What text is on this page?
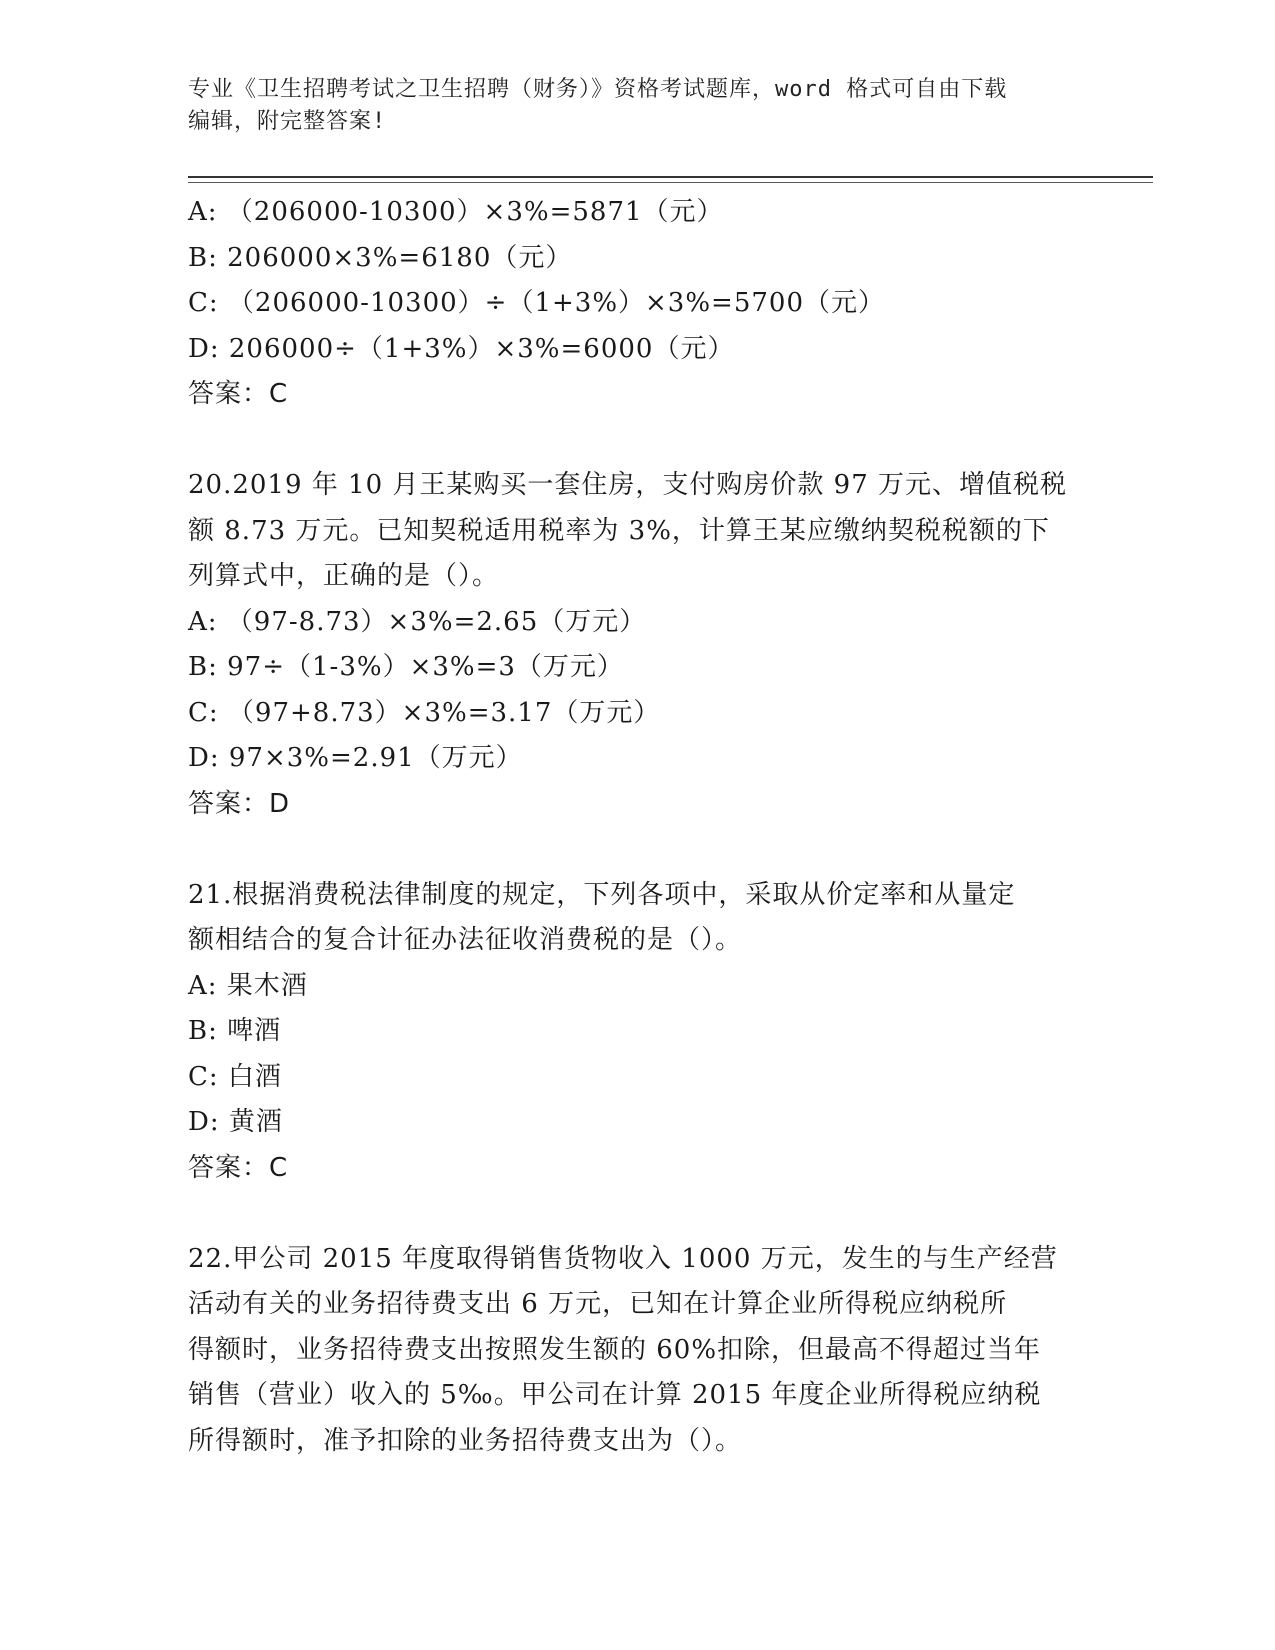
专业《卫生招聘考试之卫生招聘（财务）》资格考试题库，word 格式可自由下载
编辑，附完整答案!
A: （206000-10300）×3%=5871（元）
B: 206000×3%=6180（元）
C: （206000-10300）÷（1+3%）×3%=5700（元）
D: 206000÷（1+3%）×3%=6000（元）
答案：C
20.2019 年 10 月王某购买一套住房，支付购房价款 97 万元、增值税税
额 8.73 万元。已知契税适用税率为 3%，计算王某应缴纳契税税额的下
列算式中，正确的是（）。
A: （97-8.73）×3%=2.65（万元）
B: 97÷（1-3%）×3%=3（万元）
C: （97+8.73）×3%=3.17（万元）
D: 97×3%=2.91（万元）
答案：D
21.根据消费税法律制度的规定，下列各项中，采取从价定率和从量定
额相结合的复合计征办法征收消费税的是（）。
A: 果木酒
B: 啤酒
C: 白酒
D: 黄酒
答案：C
22.甲公司 2015 年度取得销售货物收入 1000 万元，发生的与生产经营
活动有关的业务招待费支出 6 万元，已知在计算企业所得税应纳税所
得额时，业务招待费支出按照发生额的 60%扣除，但最高不得超过当年
销售（营业）收入的 5‰。甲公司在计算 2015 年度企业所得税应纳税
所得额时，准予扣除的业务招待费支出为（）。
